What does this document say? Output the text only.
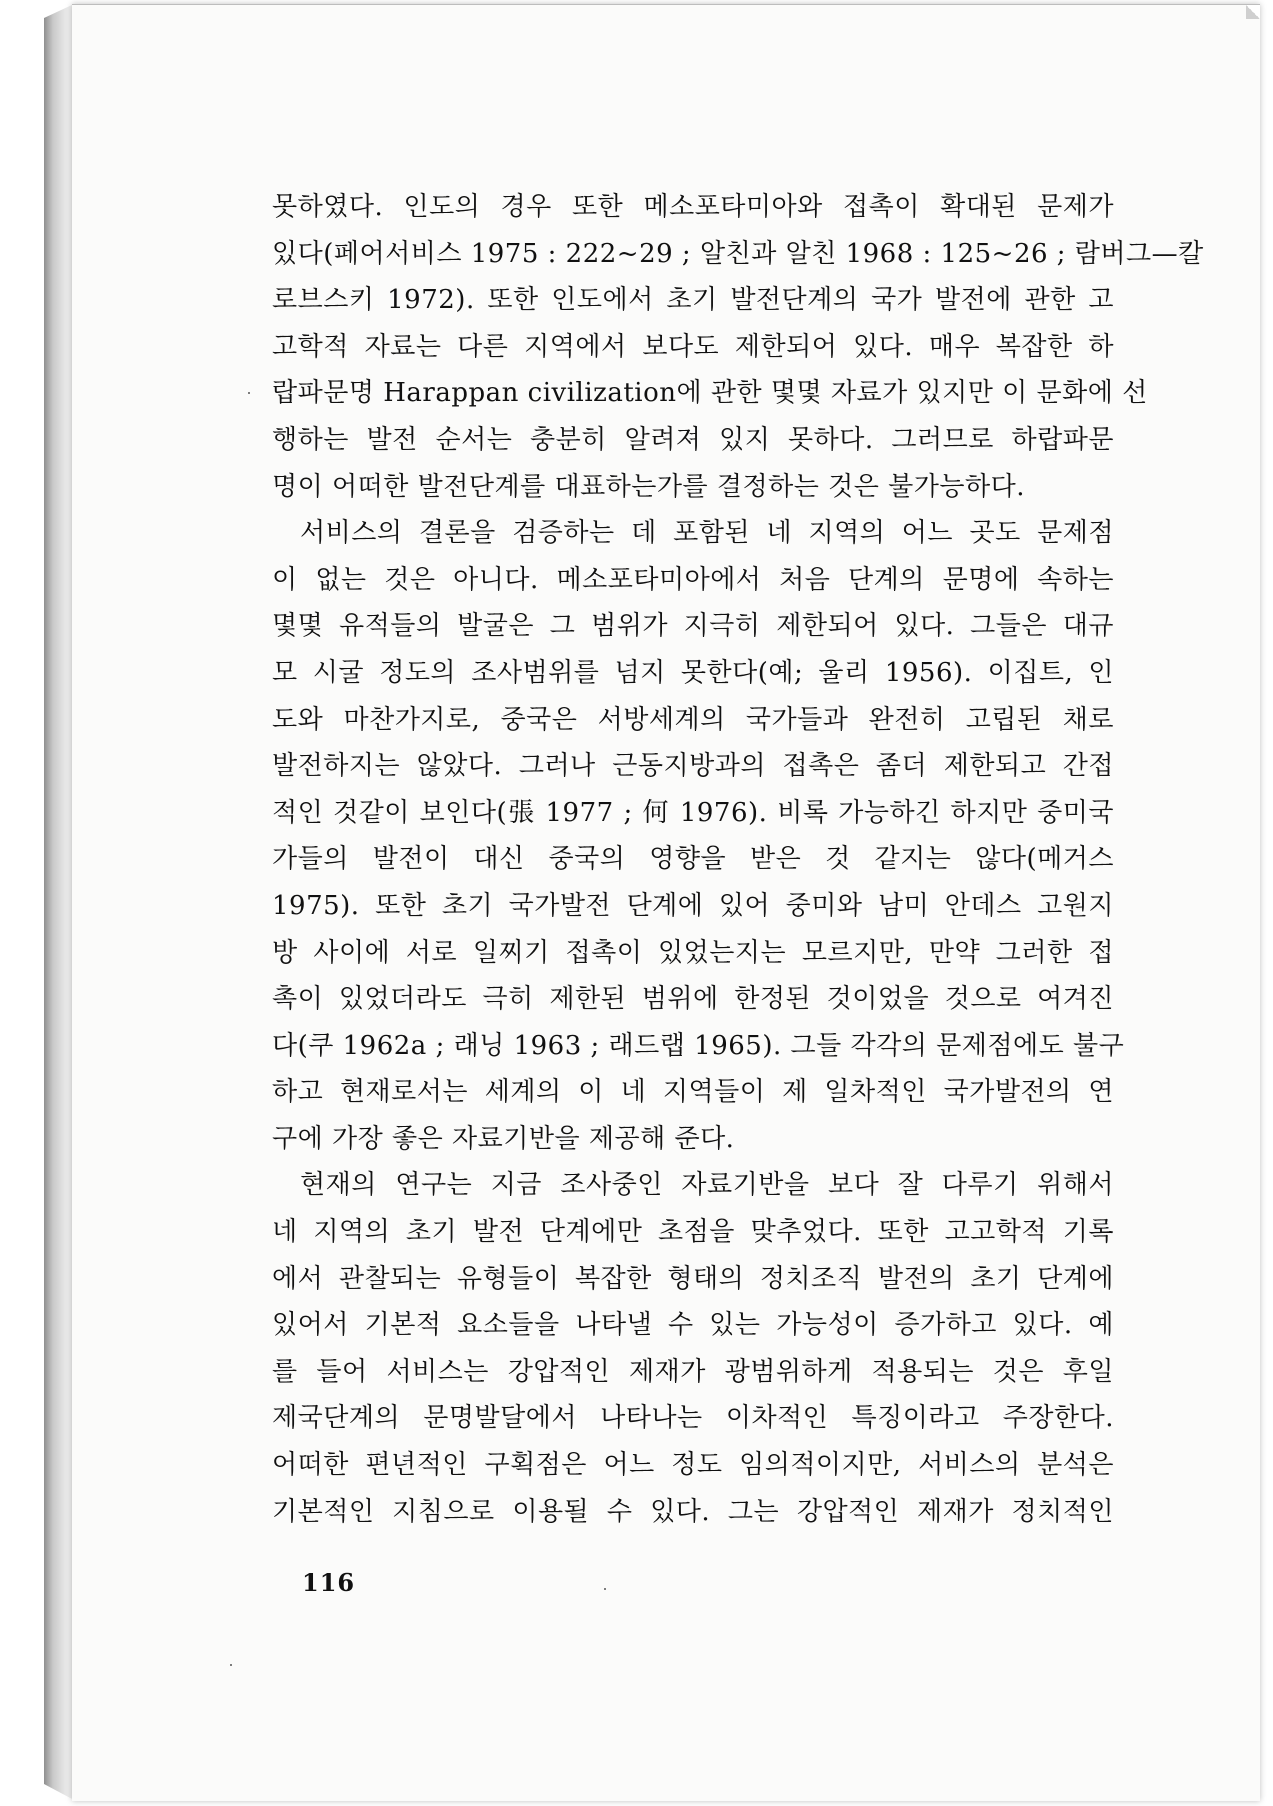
못하였다. 인도의 경우 또한 메소포타미아와 접촉이 확대된 문제가
있다(페어서비스 1975 : 222~29 ; 알친과 알친 1968 : 125~26 ; 람버그—칼
로브스키 1972). 또한 인도에서 초기 발전단계의 국가 발전에 관한 고
고학적 자료는 다른 지역에서 보다도 제한되어 있다. 매우 복잡한 하
랍파문명 Harappan civilization에 관한 몇몇 자료가 있지만 이 문화에 선
행하는 발전 순서는 충분히 알려져 있지 못하다. 그러므로 하랍파문
명이 어떠한 발전단계를 대표하는가를 결정하는 것은 불가능하다.
서비스의 결론을 검증하는 데 포함된 네 지역의 어느 곳도 문제점
이 없는 것은 아니다. 메소포타미아에서 처음 단계의 문명에 속하는
몇몇 유적들의 발굴은 그 범위가 지극히 제한되어 있다. 그들은 대규
모 시굴 정도의 조사범위를 넘지 못한다(예; 울리 1956). 이집트, 인
도와 마찬가지로, 중국은 서방세계의 국가들과 완전히 고립된 채로
발전하지는 않았다. 그러나 근동지방과의 접촉은 좀더 제한되고 간접
적인 것같이 보인다(張 1977 ; 何 1976). 비록 가능하긴 하지만 중미국
가들의 발전이 대신 중국의 영향을 받은 것 같지는 않다(메거스
1975). 또한 초기 국가발전 단계에 있어 중미와 남미 안데스 고원지
방 사이에 서로 일찌기 접촉이 있었는지는 모르지만, 만약 그러한 접
촉이 있었더라도 극히 제한된 범위에 한정된 것이었을 것으로 여겨진
다(쿠 1962a ; 래닝 1963 ; 래드랩 1965). 그들 각각의 문제점에도 불구
하고 현재로서는 세계의 이 네 지역들이 제 일차적인 국가발전의 연
구에 가장 좋은 자료기반을 제공해 준다.
현재의 연구는 지금 조사중인 자료기반을 보다 잘 다루기 위해서
네 지역의 초기 발전 단계에만 초점을 맞추었다. 또한 고고학적 기록
에서 관찰되는 유형들이 복잡한 형태의 정치조직 발전의 초기 단계에
있어서 기본적 요소들을 나타낼 수 있는 가능성이 증가하고 있다. 예
를 들어 서비스는 강압적인 제재가 광범위하게 적용되는 것은 후일
제국단계의 문명발달에서 나타나는 이차적인 특징이라고 주장한다.
어떠한 편년적인 구획점은 어느 정도 임의적이지만, 서비스의 분석은
기본적인 지침으로 이용될 수 있다. 그는 강압적인 제재가 정치적인
116
